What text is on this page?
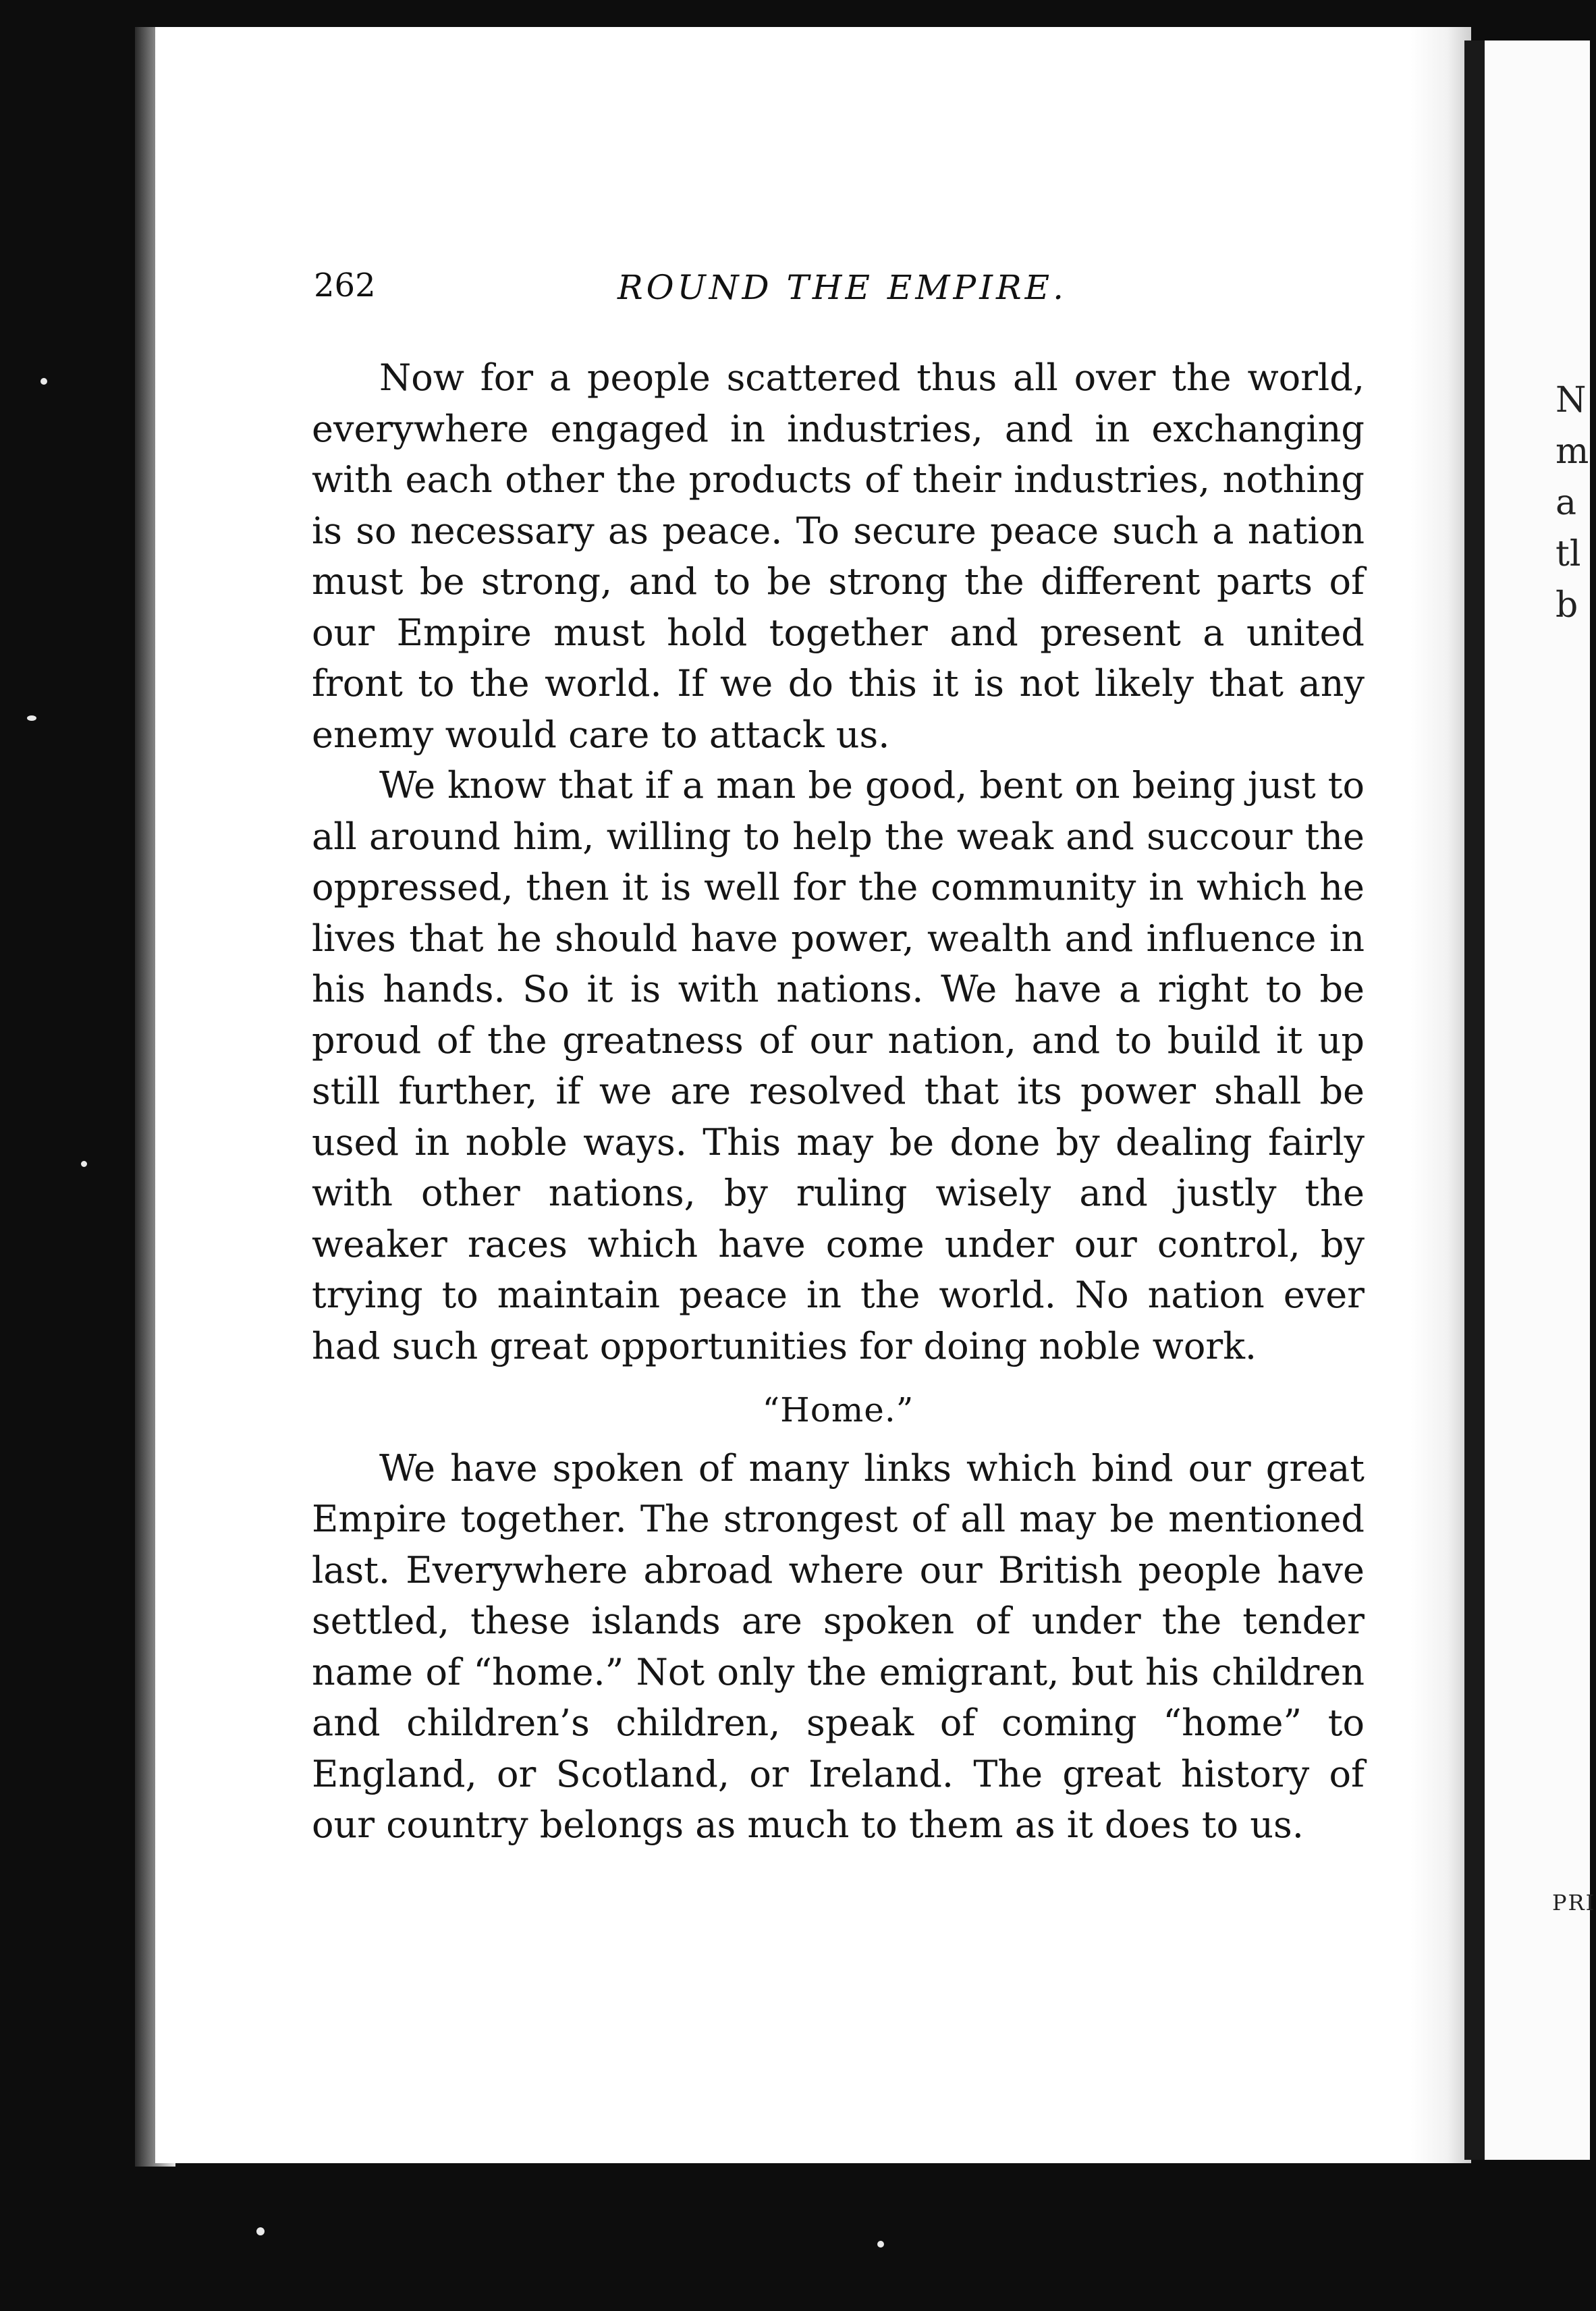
262	ROUND THE EMPIRE.

Now for a people scattered thus all over the world, everywhere engaged in industries, and in exchanging with each other the products of their industries, nothing is so necessary as peace. To secure peace such a nation must be strong, and to be strong the different parts of our Empire must hold together and present a united front to the world. If we do this it is not likely that any enemy would care to attack us.

We know that if a man be good, bent on being just to all around him, willing to help the weak and succour the oppressed, then it is well for the community in which he lives that he should have power, wealth and influence in his hands. So it is with nations. We have a right to be proud of the greatness of our nation, and to build it up still further, if we are resolved that its power shall be used in noble ways. This may be done by dealing fairly with other nations, by ruling wisely and justly the weaker races which have come under our control, by trying to maintain peace in the world. No nation ever had such great opportunities for doing noble work.

“Home.”

We have spoken of many links which bind our great Empire together. The strongest of all may be mentioned last. Everywhere abroad where our British people have settled, these islands are spoken of under the tender name of “home.” Not only the emigrant, but his children and children’s children, speak of coming “home” to England, or Scotland, or Ireland. The great history of our country belongs as much to them as it does to us.

N
m
a
tl
b
PRI
